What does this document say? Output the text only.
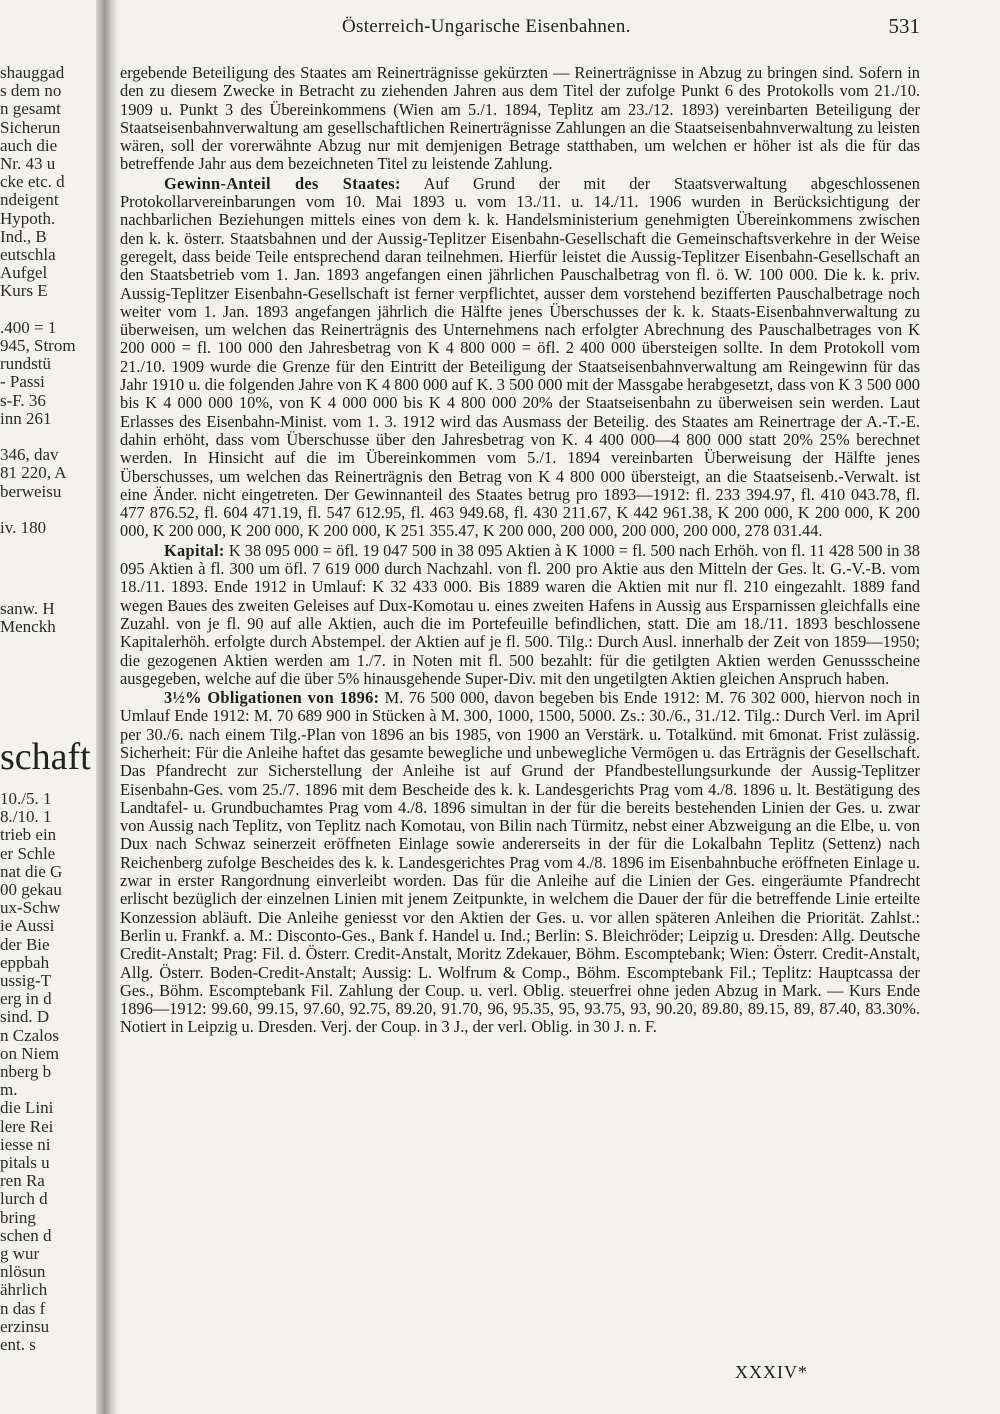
shauggad
s dem no
n gesamt
Sicherun
auch die
Nr. 43 u
cke etc. d
ndeigent
Hypoth.
Ind., B
eutschla
Aufgel
Kurs E
.400 = 1
945, Strom
rundstü
- Passi
s-F. 36
inn 261
346, dav
81 220, A
berweisu
iv. 180
sanw. H
Menckh
schaft
10./5. 1
8./10. 1
trieb ein
er Schle
nat die G
00 gekau
ux-Schw
ie Aussi
der Bie
eppbah
ussig-T
erg in d
sind. D
n Czalos
on Niem
nberg b
m.
die Lini
lere Rei
iesse ni
pitals u
ren Ra
lurch d
bring
schen d
g wur
nlösun
ährlich
n das f
erzinsu
ent. s
Österreich-Ungarische Eisenbahnen.	531

ergebende Beteiligung des Staates am Reinerträgnisse gekürzten — Reinerträgnisse in Abzug zu bringen sind. Sofern in den zu diesem Zwecke in Betracht zu ziehenden Jahren aus dem Titel der zufolge Punkt 6 des Protokolls vom 21./10. 1909 u. Punkt 3 des Übereinkommens (Wien am 5./1. 1894, Teplitz am 23./12. 1893) vereinbarten Beteiligung der Staatseisenbahnverwaltung am gesellschaftlichen Reinerträgnisse Zahlungen an die Staatseisenbahnverwaltung zu leisten wären, soll der vorerwähnte Abzug nur mit demjenigen Betrage statthaben, um welchen er höher ist als die für das betreffende Jahr aus dem bezeichneten Titel zu leistende Zahlung.

Gewinn-Anteil des Staates: Auf Grund der mit der Staatsverwaltung abgeschlossenen Protokollarvereinbarungen vom 10. Mai 1893 u. vom 13./11. u. 14./11. 1906 wurden in Berücksichtigung der nachbarlichen Beziehungen mittels eines von dem k. k. Handelsministerium genehmigten Übereinkommens zwischen den k. k. österr. Staatsbahnen und der Aussig-Teplitzer Eisenbahn-Gesellschaft die Gemeinschaftsverkehre in der Weise geregelt, dass beide Teile entsprechend daran teilnehmen. Hierfür leistet die Aussig-Teplitzer Eisenbahn-Gesellschaft an den Staatsbetrieb vom 1. Jan. 1893 angefangen einen jährlichen Pauschalbetrag von fl. ö. W. 100 000. Die k. k. priv. Aussig-Teplitzer Eisenbahn-Gesellschaft ist ferner verpflichtet, ausser dem vorstehend bezifferten Pauschalbetrage noch weiter vom 1. Jan. 1893 angefangen jährlich die Hälfte jenes Überschusses der k. k. Staats-Eisenbahnverwaltung zu überweisen, um welchen das Reinerträgnis des Unternehmens nach erfolgter Abrechnung des Pauschalbetrages von K 200 000 = fl. 100 000 den Jahresbetrag von K 4 800 000 = öfl. 2 400 000 übersteigen sollte. In dem Protokoll vom 21./10. 1909 wurde die Grenze für den Eintritt der Beteiligung der Staatseisenbahnverwaltung am Reingewinn für das Jahr 1910 u. die folgenden Jahre von K 4 800 000 auf K. 3 500 000 mit der Massgabe herabgesetzt, dass von K 3 500 000 bis K 4 000 000 10%, von K 4 000 000 bis K 4 800 000 20% der Staatseisenbahn zu überweisen sein werden. Laut Erlasses des Eisenbahn-Minist. vom 1. 3. 1912 wird das Ausmass der Beteilig. des Staates am Reinertrage der A.-T.-E. dahin erhöht, dass vom Überschusse über den Jahresbetrag von K. 4 400 000—4 800 000 statt 20% 25% berechnet werden. In Hinsicht auf die im Übereinkommen vom 5./1. 1894 vereinbarten Überweisung der Hälfte jenes Überschusses, um welchen das Reinerträgnis den Betrag von K 4 800 000 übersteigt, an die Staatseisenb.-Verwalt. ist eine Änder. nicht eingetreten. Der Gewinnanteil des Staates betrug pro 1893—1912: fl. 233 394.97, fl. 410 043.78, fl. 477 876.52, fl. 604 471.19, fl. 547 612.95, fl. 463 949.68, fl. 430 211.67, K 442 961.38, K 200 000, K 200 000, K 200 000, K 200 000, K 200 000, K 200 000, K 251 355.47, K 200 000, 200 000, 200 000, 200 000, 278 031.44.

Kapital: K 38 095 000 = öfl. 19 047 500 in 38 095 Aktien à K 1000 = fl. 500 nach Erhöh. von fl. 11 428 500 in 38 095 Aktien à fl. 300 um öfl. 7 619 000 durch Nachzahl. von fl. 200 pro Aktie aus den Mitteln der Ges. lt. G.-V.-B. vom 18./11. 1893. Ende 1912 in Umlauf: K 32 433 000. Bis 1889 waren die Aktien mit nur fl. 210 eingezahlt. 1889 fand wegen Baues des zweiten Geleises auf Dux-Komotau u. eines zweiten Hafens in Aussig aus Ersparnissen gleichfalls eine Zuzahl. von je fl. 90 auf alle Aktien, auch die im Portefeuille befindlichen, statt. Die am 18./11. 1893 beschlossene Kapitalerhöh. erfolgte durch Abstempel. der Aktien auf je fl. 500. Tilg.: Durch Ausl. innerhalb der Zeit von 1859—1950; die gezogenen Aktien werden am 1./7. in Noten mit fl. 500 bezahlt: für die getilgten Aktien werden Genussscheine ausgegeben, welche auf die über 5% hinausgehende Super-Div. mit den ungetilgten Aktien gleichen Anspruch haben.

3½% Obligationen von 1896: M. 76 500 000, davon begeben bis Ende 1912: M. 76 302 000, hiervon noch in Umlauf Ende 1912: M. 70 689 900 in Stücken à M. 300, 1000, 1500, 5000. Zs.: 30./6., 31./12. Tilg.: Durch Verl. im April per 30./6. nach einem Tilg.-Plan von 1896 an bis 1985, von 1900 an Verstärk. u. Totalkünd. mit 6monat. Frist zulässig. Sicherheit: Für die Anleihe haftet das gesamte bewegliche und unbewegliche Vermögen u. das Erträgnis der Gesellschaft. Das Pfandrecht zur Sicherstellung der Anleihe ist auf Grund der Pfandbestellungsurkunde der Aussig-Teplitzer Eisenbahn-Ges. vom 25./7. 1896 mit dem Bescheide des k. k. Landesgerichts Prag vom 4./8. 1896 u. lt. Bestätigung des Landtafel- u. Grundbuchamtes Prag vom 4./8. 1896 simultan in der für die bereits bestehenden Linien der Ges. u. zwar von Aussig nach Teplitz, von Teplitz nach Komotau, von Bilin nach Türmitz, nebst einer Abzweigung an die Elbe, u. von Dux nach Schwaz seinerzeit eröffneten Einlage sowie andererseits in der für die Lokalbahn Teplitz (Settenz) nach Reichenberg zufolge Bescheides des k. k. Landesgerichtes Prag vom 4./8. 1896 im Eisenbahnbuche eröffneten Einlage u. zwar in erster Rangordnung einverleibt worden. Das für die Anleihe auf die Linien der Ges. eingeräumte Pfandrecht erlischt bezüglich der einzelnen Linien mit jenem Zeitpunkte, in welchem die Dauer der für die betreffende Linie erteilte Konzession abläuft. Die Anleihe geniesst vor den Aktien der Ges. u. vor allen späteren Anleihen die Priorität. Zahlst.: Berlin u. Frankf. a. M.: Disconto-Ges., Bank f. Handel u. Ind.; Berlin: S. Bleichröder; Leipzig u. Dresden: Allg. Deutsche Credit-Anstalt; Prag: Fil. d. Österr. Credit-Anstalt, Moritz Zdekauer, Böhm. Escomptebank; Wien: Österr. Credit-Anstalt, Allg. Österr. Boden-Credit-Anstalt; Aussig: L. Wolfrum & Comp., Böhm. Escomptebank Fil.; Teplitz: Hauptcassa der Ges., Böhm. Escomptebank Fil. Zahlung der Coup. u. verl. Oblig. steuerfrei ohne jeden Abzug in Mark. — Kurs Ende 1896—1912: 99.60, 99.15, 97.60, 92.75, 89.20, 91.70, 96, 95.35, 95, 93.75, 93, 90.20, 89.80, 89.15, 89, 87.40, 83.30%. Notiert in Leipzig u. Dresden. Verj. der Coup. in 3 J., der verl. Oblig. in 30 J. n. F.

XXXIV*
